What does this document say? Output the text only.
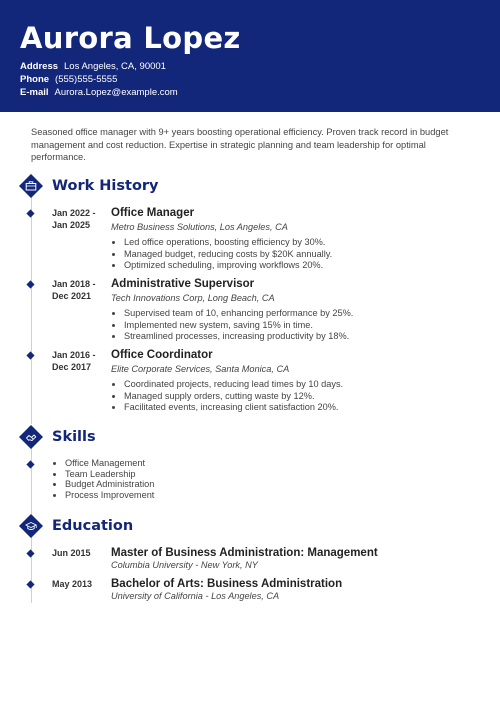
Aurora Lopez
Address Los Angeles, CA, 90001
Phone (555)555-5555
E-mail Aurora.Lopez@example.com
Seasoned office manager with 9+ years boosting operational efficiency. Proven track record in budget management and cost reduction. Expertise in strategic planning and team leadership for optimal performance.
Work History
Jan 2022 -
Jan 2025
Office Manager
Metro Business Solutions, Los Angeles, CA
• Led office operations, boosting efficiency by 30%.
• Managed budget, reducing costs by $20K annually.
• Optimized scheduling, improving workflows 20%.
Jan 2018 -
Dec 2021
Administrative Supervisor
Tech Innovations Corp, Long Beach, CA
• Supervised team of 10, enhancing performance by 25%.
• Implemented new system, saving 15% in time.
• Streamlined processes, increasing productivity by 18%.
Jan 2016 -
Dec 2017
Office Coordinator
Elite Corporate Services, Santa Monica, CA
• Coordinated projects, reducing lead times by 10 days.
• Managed supply orders, cutting waste by 12%.
• Facilitated events, increasing client satisfaction 20%.
Skills
• Office Management
• Team Leadership
• Budget Administration
• Process Improvement
Education
Jun 2015 Master of Business Administration: Management
Columbia University - New York, NY
May 2013 Bachelor of Arts: Business Administration
University of California - Los Angeles, CA
